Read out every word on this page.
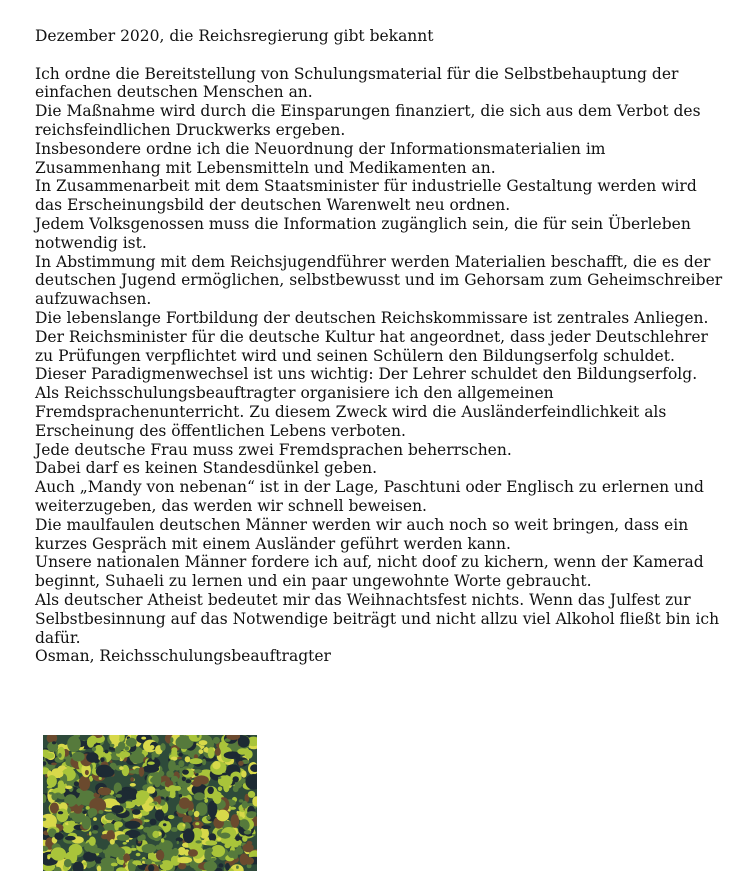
Dezember 2020, die Reichsregierung gibt bekannt

Ich ordne die Bereitstellung von Schulungsmaterial für die Selbstbehauptung der einfachen deutschen Menschen an.

Die Maßnahme wird durch die Einsparungen finanziert, die sich aus dem Verbot des reichsfeindlichen Druckwerks ergeben.

Insbesondere ordne ich die Neuordnung der Informationsmaterialien im Zusammenhang mit Lebensmitteln und Medikamenten an.

In Zusammenarbeit mit dem Staatsminister für industrielle Gestaltung werden wird das Erscheinungsbild der deutschen Warenwelt neu ordnen.

Jedem Volksgenossen muss die Information zugänglich sein, die für sein Überleben notwendig ist.

In Abstimmung mit dem Reichsjugendführer werden Materialien beschafft, die es der deutschen Jugend ermöglichen, selbstbewusst und im Gehorsam zum Geheimschreiber aufzuwachsen.

Die lebenslange Fortbildung der deutschen Reichskommissare ist zentrales Anliegen. Der Reichsminister für die deutsche Kultur hat angeordnet, dass jeder Deutschlehrer zu Prüfungen verpflichtet wird und seinen Schülern den Bildungserfolg schuldet.

Dieser Paradigmenwechsel ist uns wichtig: Der Lehrer schuldet den Bildungserfolg.

Als Reichsschulungsbeauftragter organisiere ich den allgemeinen Fremdsprachenunterricht. Zu diesem Zweck wird die Ausländerfeindlichkeit als Erscheinung des öffentlichen Lebens verboten.

Jede deutsche Frau muss zwei Fremdsprachen beherrschen.

Dabei darf es keinen Standesdünkel geben.

Auch „Mandy von nebenan“ ist in der Lage, Paschtuni oder Englisch zu erlernen und weiterzugeben, das werden wir schnell beweisen.

Die maulfaulen deutschen Männer werden wir auch noch so weit bringen, dass ein kurzes Gespräch mit einem Ausländer geführt werden kann.

Unsere nationalen Männer fordere ich auf, nicht doof zu kichern, wenn der Kamerad beginnt, Suhaeli zu lernen und ein paar ungewohnte Worte gebraucht.

Als deutscher Atheist bedeutet mir das Weihnachtsfest nichts. Wenn das Julfest zur Selbstbesinnung auf das Notwendige beiträgt und nicht allzu viel Alkohol fließt bin ich dafür.

Osman, Reichsschulungsbeauftragter
